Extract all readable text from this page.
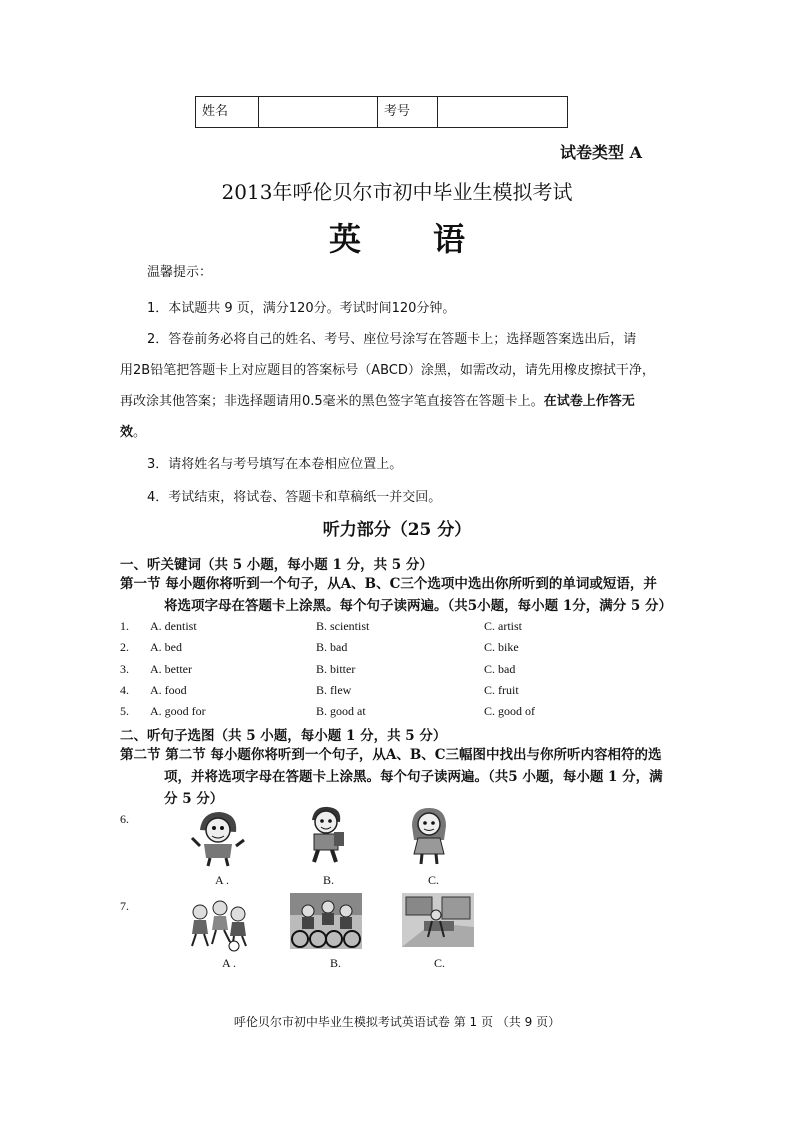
姓名		考号	
试卷类型 A
2013年呼伦贝尔市初中毕业生模拟考试
英语
温馨提示：
1．本试题共 9 页，满分120分。考试时间120分钟。
2．答卷前务必将自己的姓名、考号、座位号涂写在答题卡上；选择题答案选出后，请
用2B铅笔把答题卡上对应题目的答案标号（ABCD）涂黑，如需改动，请先用橡皮擦拭干净，
再改涂其他答案；非选择题请用0.5毫米的黑色签字笔直接答在答题卡上。在试卷上作答无
效。
3．请将姓名与考号填写在本卷相应位置上。
4．考试结束，将试卷、答题卡和草稿纸一并交回。
听力部分（25 分）
一、听关键词（共 5 小题，每小题 1 分，共 5 分）
第一节 每小题你将听到一个句子，从A、B、C三个选项中选出你所听到的单词或短语，并
将选项字母在答题卡上涂黑。每个句子读两遍。（共5小题，每小题 1分，满分 5 分）
1. A. dentist	B. scientist	C. artist
2. A. bed	B. bad	C. bike
3. A. better	B. bitter	C. bad
4. A. food	B. flew	C. fruit
5. A. good for	B. good at	C. good of
二、听句子选图（共 5 小题，每小题 1 分，共 5 分）
第二节 第二节 每小题你将听到一个句子，从A、B、C三幅图中找出与你所听内容相符的选
项，并将选项字母在答题卡上涂黑。每个句子读两遍。（共5 小题，每小题 1 分，满
分 5 分）
6.
A .	B.	C.
7.
A .	B.	C.
呼伦贝尔市初中毕业生模拟考试英语试卷 第 1 页 （共 9 页）
